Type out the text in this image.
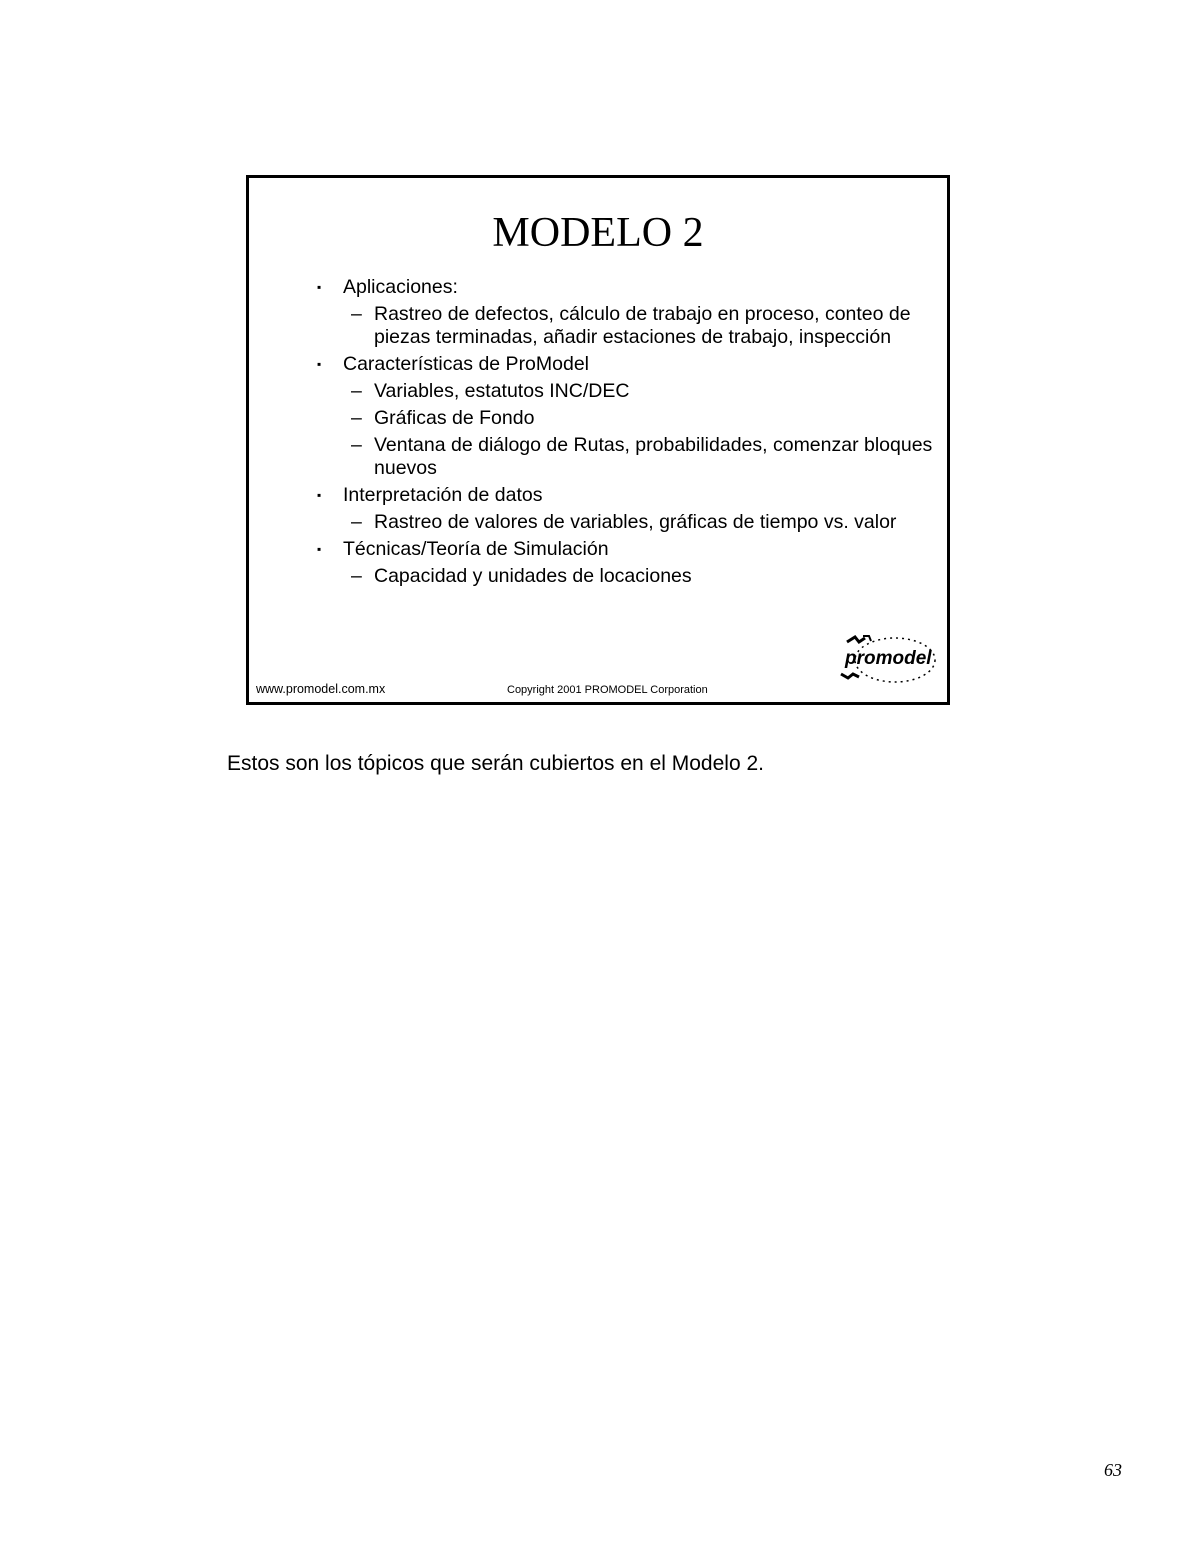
MODELO 2
▪ Aplicaciones:
– Rastreo de defectos, cálculo de trabajo en proceso, conteo de piezas terminadas, añadir estaciones de trabajo, inspección
▪ Características de ProModel
– Variables, estatutos INC/DEC
– Gráficas de Fondo
– Ventana de diálogo de Rutas, probabilidades, comenzar bloques nuevos
▪ Interpretación de datos
– Rastreo de valores de variables, gráficas de tiempo vs. valor
▪ Técnicas/Teoría de Simulación
– Capacidad y unidades de locaciones
promodel
www.promodel.com.mx	Copyright 2001 PROMODEL Corporation
Estos son los tópicos que serán cubiertos en el Modelo 2.
63
